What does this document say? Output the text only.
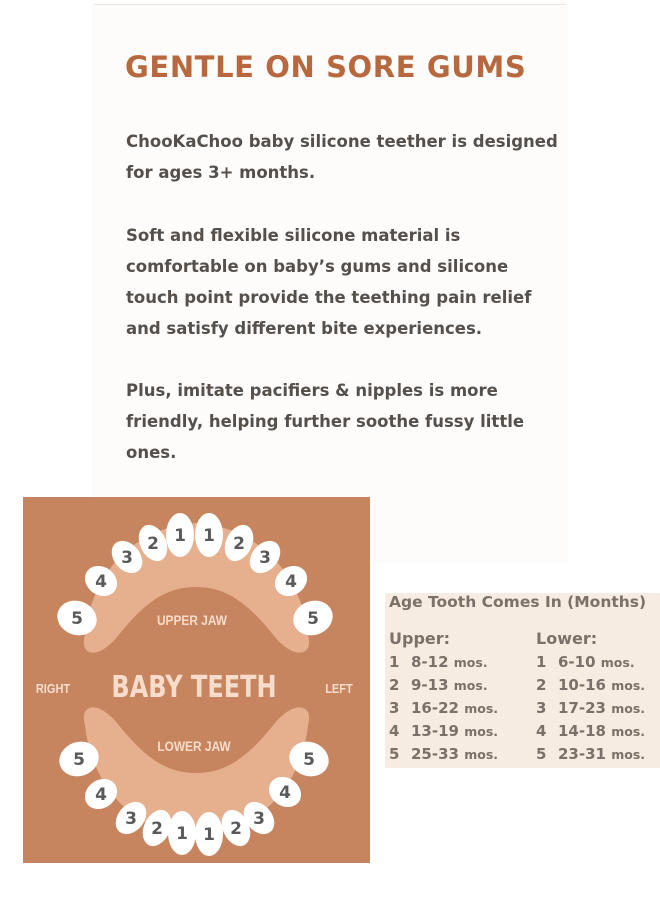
GENTLE ON SORE GUMS

ChooKaChoo baby silicone teether is designed for ages 3+ months.

Soft and flexible silicone material is comfortable on baby’s gums and silicone touch point provide the teething pain relief and satisfy different bite experiences.

Plus, imitate pacifiers & nipples is more friendly, helping further soothe fussy little ones.

UPPER JAW
LOWER JAW
RIGHT	LEFT
BABY TEETH
1 1
2	2
3	3
4	4
5	5
5	5
4	4
3	3
2	2
1 1
Age Tooth Comes In (Months)
Upper:
1 8-12 mos.
2 9-13 mos.
3 16-22 mos.
4 13-19 mos.
5 25-33 mos.
Lower:
1 6-10 mos.
2 10-16 mos.
3 17-23 mos.
4 14-18 mos.
5 23-31 mos.
